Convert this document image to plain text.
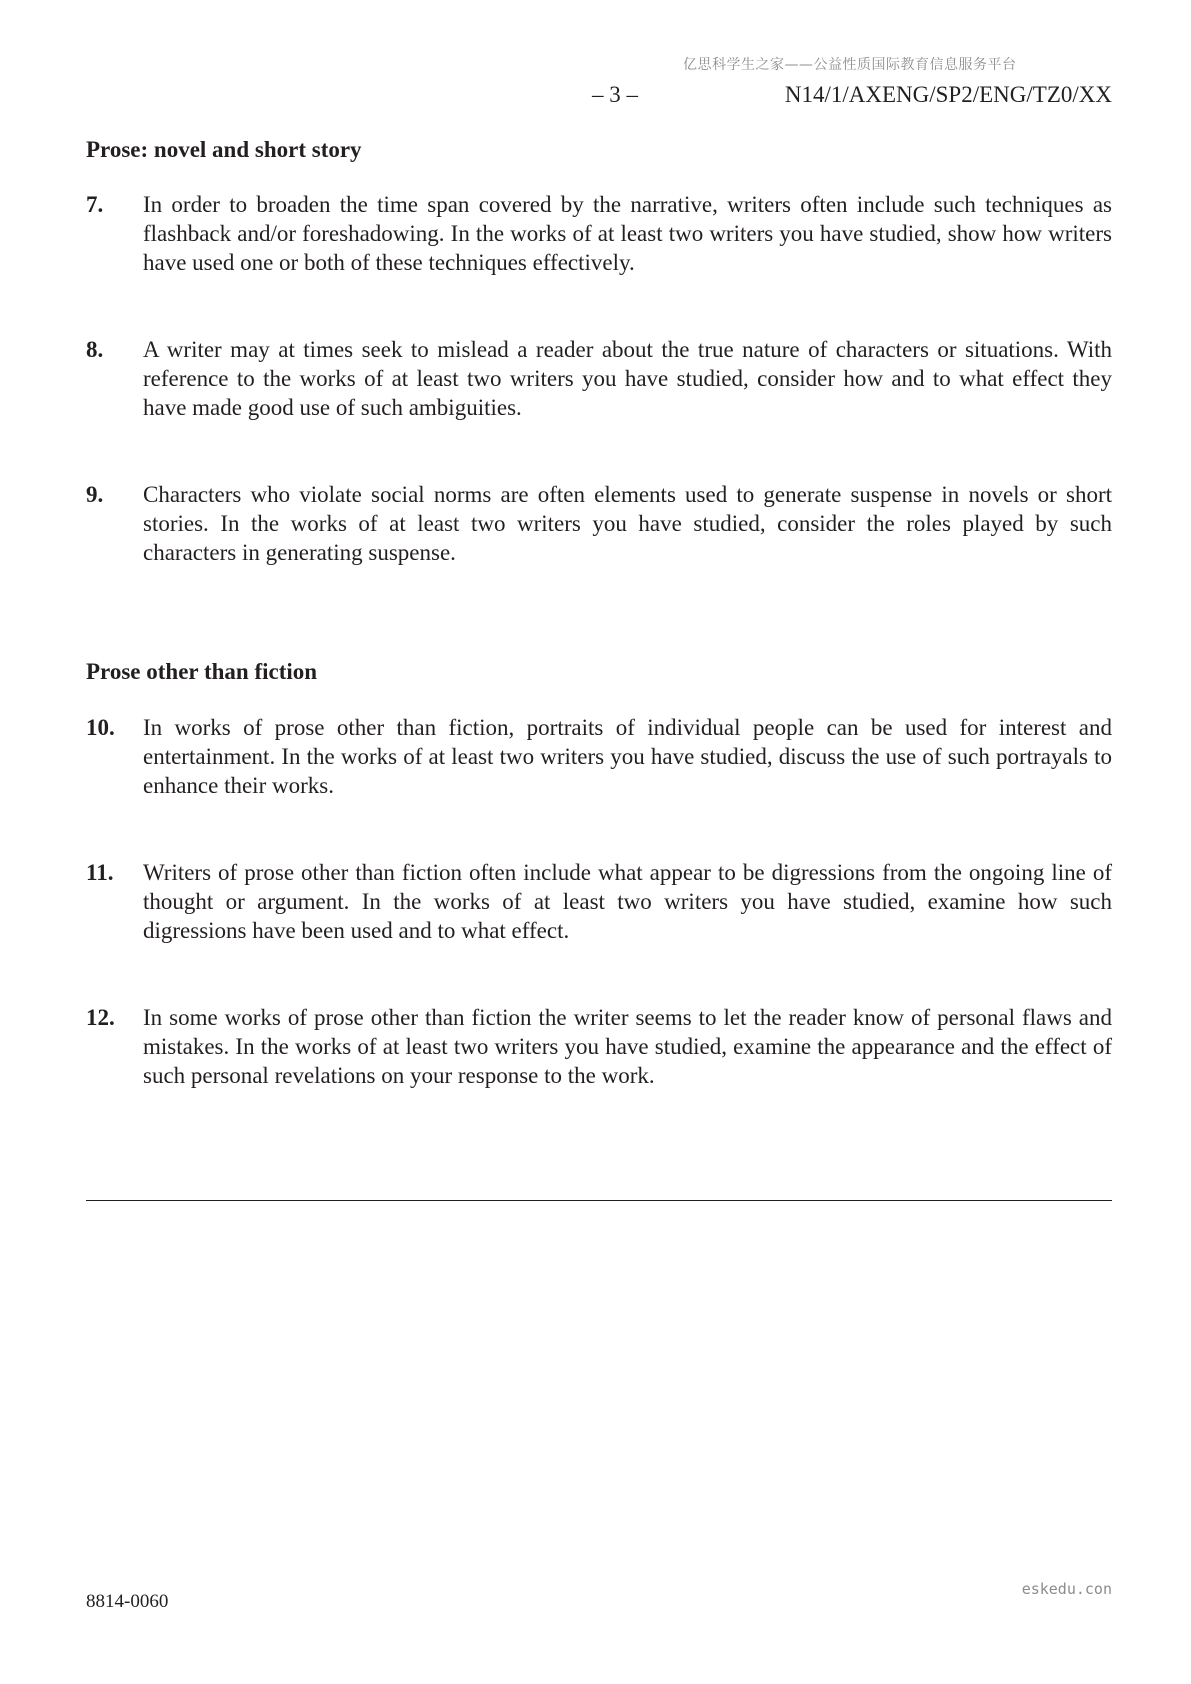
亿思科学生之家——公益性质国际教育信息服务平台
– 3 –	N14/1/AXENG/SP2/ENG/TZ0/XX
Prose: novel and short story
7.	In order to broaden the time span covered by the narrative, writers often include such techniques as flashback and/or foreshadowing. In the works of at least two writers you have studied, show how writers have used one or both of these techniques effectively.
8.	A writer may at times seek to mislead a reader about the true nature of characters or situations. With reference to the works of at least two writers you have studied, consider how and to what effect they have made good use of such ambiguities.
9.	Characters who violate social norms are often elements used to generate suspense in novels or short stories. In the works of at least two writers you have studied, consider the roles played by such characters in generating suspense.
Prose other than fiction
10.	In works of prose other than fiction, portraits of individual people can be used for interest and entertainment. In the works of at least two writers you have studied, discuss the use of such portrayals to enhance their works.
11.	Writers of prose other than fiction often include what appear to be digressions from the ongoing line of thought or argument. In the works of at least two writers you have studied, examine how such digressions have been used and to what effect.
12.	In some works of prose other than fiction the writer seems to let the reader know of personal flaws and mistakes. In the works of at least two writers you have studied, examine the appearance and the effect of such personal revelations on your response to the work.
8814-0060
eskedu.con
